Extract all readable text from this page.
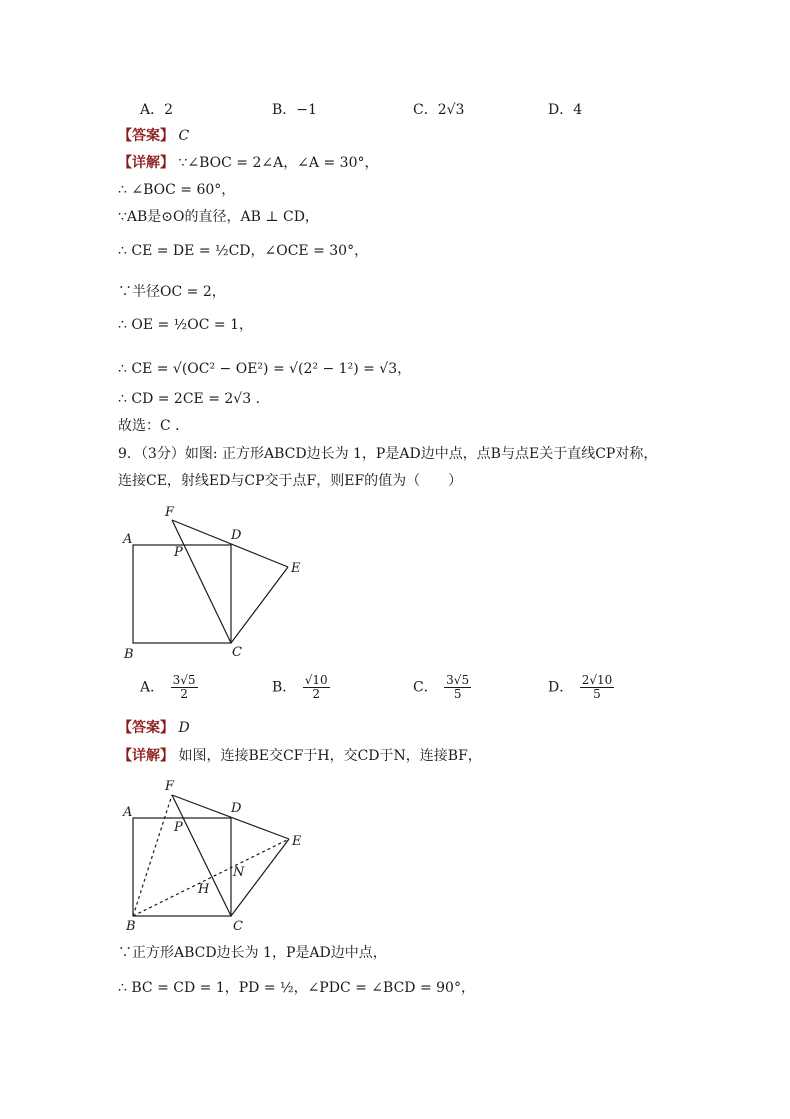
A．2	B．−1	C．2√3	D．4
【答案】 C
【详解】 ∵∠BOC = 2∠A，∠A = 30°，
∴ ∠BOC = 60°，
∵AB是⊙O的直径，AB ⊥ CD，
∴ CE = DE = ½CD，∠OCE = 30°，
∵半径OC = 2，
∴ OE = ½OC = 1，
∴ CE = √(OC² − OE²) = √(2² − 1²) = √3，
∴ CD = 2CE = 2√3 ．
故选：C ．
9．（3分）如图: 正方形ABCD边长为 1，P是AD边中点，点B与点E关于直线CP对称，
连接CE，射线ED与CP交于点F，则EF的值为（　　）
F
A
P
D
E
B	C
A． $\frac{3√5}{2}$	B． $\frac{√10}{2}$	C． $\frac{3√5}{5}$	D． $\frac{2√10}{5}$
【答案】 D
【详解】 如图，连接BE交CF于H，交CD于N，连接BF，
F
A
P
D
E
N
H
B	C
∵正方形ABCD边长为 1，P是AD边中点，
∴ BC = CD = 1，PD = ½，∠PDC = ∠BCD = 90°，
